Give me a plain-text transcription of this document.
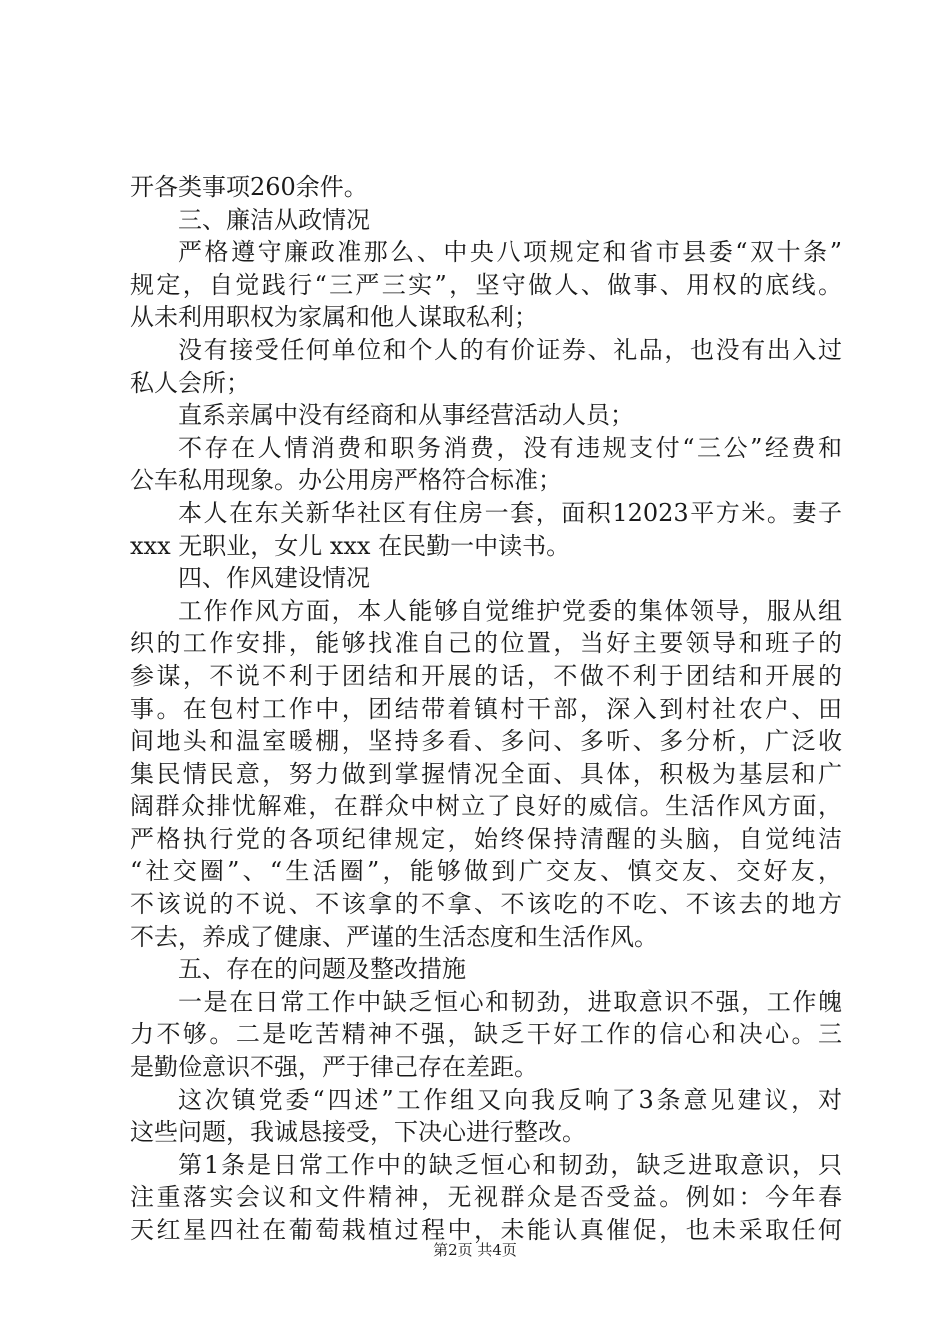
开各类事项260余件。
三、廉洁从政情况
严格遵守廉政准那么、中央八项规定和省市县委“双十条”
规定，自觉践行“三严三实”，坚守做人、做事、用权的底线。
从未利用职权为家属和他人谋取私利；
没有接受任何单位和个人的有价证券、礼品，也没有出入过
私人会所；
直系亲属中没有经商和从事经营活动人员；
不存在人情消费和职务消费，没有违规支付“三公”经费和
公车私用现象。办公用房严格符合标准；
本人在东关新华社区有住房一套，面积12023平方米。妻子
xxx 无职业，女儿 xxx 在民勤一中读书。
四、作风建设情况
工作作风方面，本人能够自觉维护党委的集体领导，服从组
织的工作安排，能够找准自己的位置，当好主要领导和班子的
参谋，不说不利于团结和开展的话，不做不利于团结和开展的
事。在包村工作中，团结带着镇村干部，深入到村社农户、田
间地头和温室暖棚，坚持多看、多问、多听、多分析，广泛收
集民情民意，努力做到掌握情况全面、具体，积极为基层和广
阔群众排忧解难，在群众中树立了良好的威信。生活作风方面，
严格执行党的各项纪律规定，始终保持清醒的头脑，自觉纯洁
“社交圈”、“生活圈”，能够做到广交友、慎交友、交好友，
不该说的不说、不该拿的不拿、不该吃的不吃、不该去的地方
不去，养成了健康、严谨的生活态度和生活作风。
五、存在的问题及整改措施
一是在日常工作中缺乏恒心和韧劲，进取意识不强，工作魄
力不够。二是吃苦精神不强，缺乏干好工作的信心和决心。三
是勤俭意识不强，严于律己存在差距。
这次镇党委“四述”工作组又向我反响了3条意见建议，对
这些问题，我诚恳接受，下决心进行整改。
第1条是日常工作中的缺乏恒心和韧劲，缺乏进取意识，只
注重落实会议和文件精神，无视群众是否受益。例如：今年春
天红星四社在葡萄栽植过程中，未能认真催促，也未采取任何
第2页 共4页
